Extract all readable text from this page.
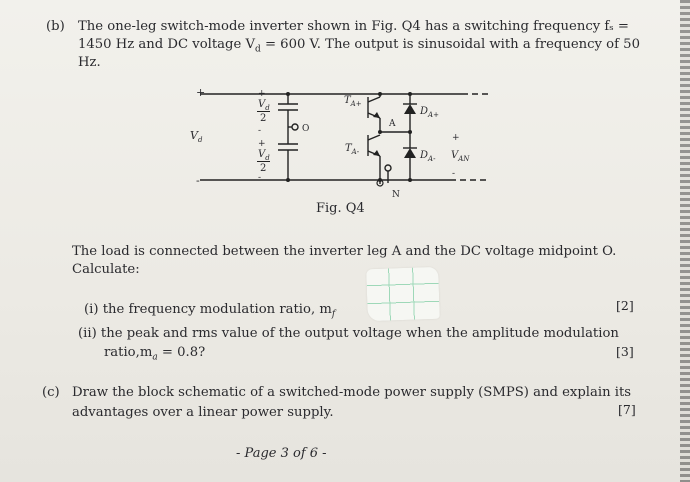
(b) The one-leg switch-mode inverter shown in Fig. Q4 has a switching frequency fₛ =
1450 Hz and DC voltage $V_d = 600$ V. The output is sinusoidal with a frequency of 50
Hz.
+
-
$V_d$
+
$V_d$
2
-
+
$V_d$
2
-
O	A
N
$T_{A+}$
$T_{A-}$
$D_{A+}$
$D_{A-}$
+
$V_{AN}$
-
Fig. Q4
The load is connected between the inverter leg A and the DC voltage midpoint O.
Calculate:
(i) the frequency modulation ratio, $m_f$
[2]
(ii) the peak and rms value of the output voltage when the amplitude modulation
$ratio,m_a = 0.8$?	[3]
(c) Draw the block schematic of a switched-mode power supply (SMPS) and explain its
advantages over a linear power supply.	[7]
- Page 3 of 6 -
